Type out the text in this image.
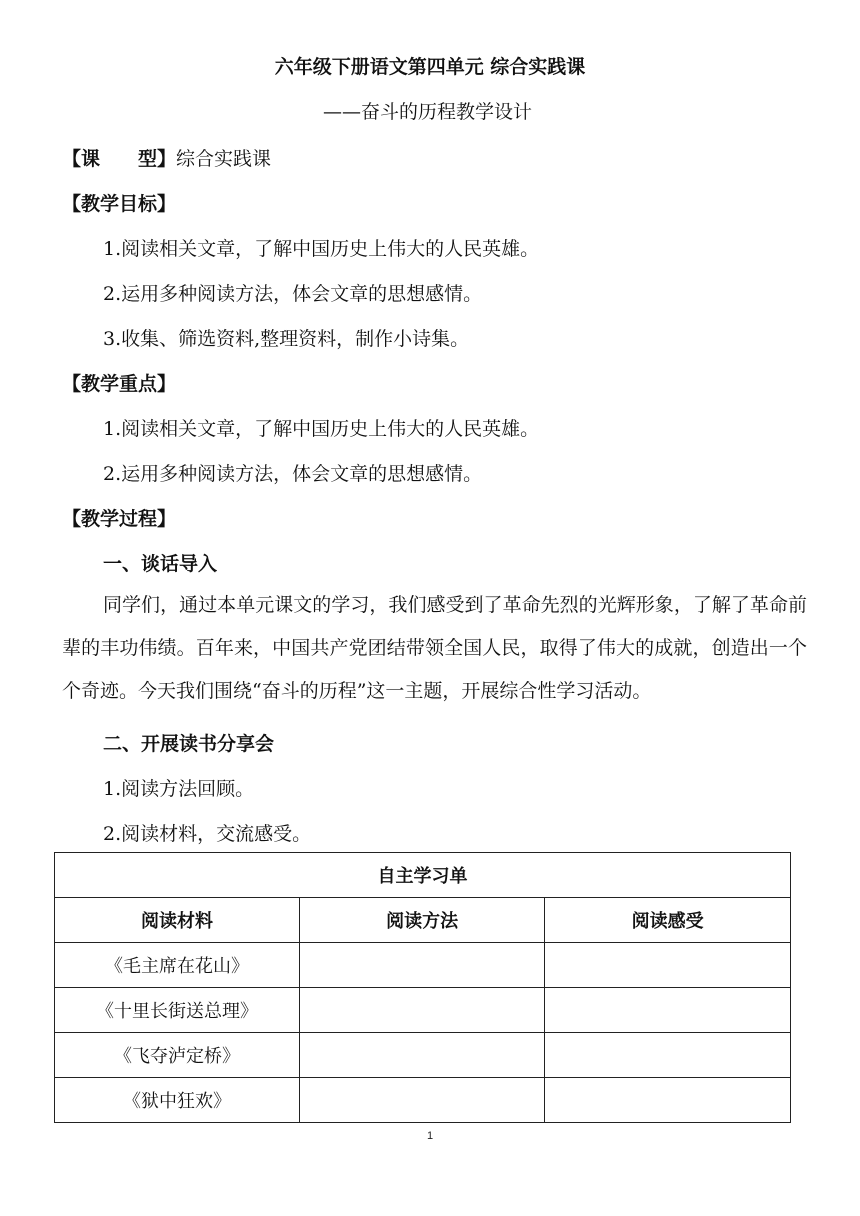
六年级下册语文第四单元 综合实践课
——奋斗的历程教学设计
【课　　型】综合实践课
【教学目标】
1.阅读相关文章，了解中国历史上伟大的人民英雄。
2.运用多种阅读方法，体会文章的思想感情。
3.收集、筛选资料,整理资料，制作小诗集。
【教学重点】
1.阅读相关文章，了解中国历史上伟大的人民英雄。
2.运用多种阅读方法，体会文章的思想感情。
【教学过程】
一、谈话导入
同学们，通过本单元课文的学习，我们感受到了革命先烈的光辉形象，了解了革命前辈的丰功伟绩。百年来，中国共产党团结带领全国人民，取得了伟大的成就，创造出一个个奇迹。今天我们围绕“奋斗的历程”这一主题，开展综合性学习活动。
二、开展读书分享会
1.阅读方法回顾。
2.阅读材料，交流感受。
自主学习单		
阅读材料	阅读方法	阅读感受
《毛主席在花山》		
《十里长街送总理》		
《飞夺泸定桥》		
《狱中狂欢》		
1
